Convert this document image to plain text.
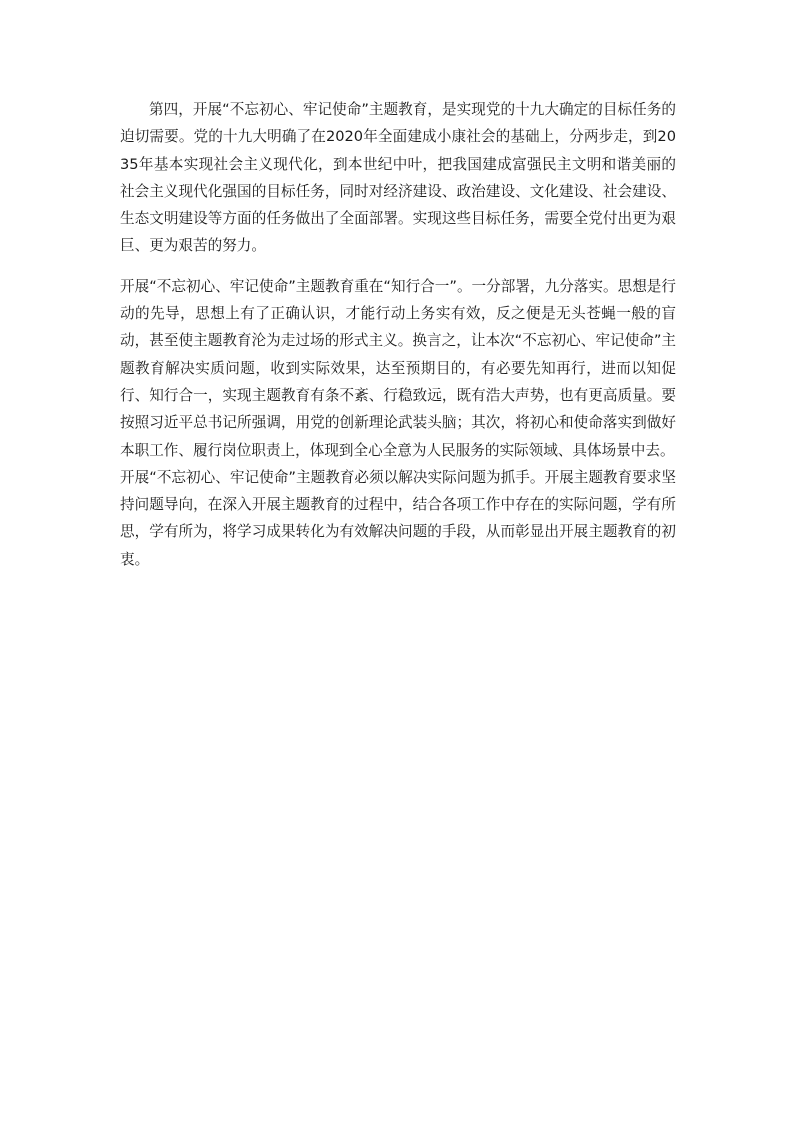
第四，开展“不忘初心、牢记使命”主题教育，是实现党的十九大确定的目标任务的迫切需要。党的十九大明确了在2020年全面建成小康社会的基础上，分两步走，到2035年基本实现社会主义现代化，到本世纪中叶，把我国建成富强民主文明和谐美丽的社会主义现代化强国的目标任务，同时对经济建设、政治建设、文化建设、社会建设、生态文明建设等方面的任务做出了全面部署。实现这些目标任务，需要全党付出更为艰巨、更为艰苦的努力。

开展“不忘初心、牢记使命”主题教育重在“知行合一”。一分部署，九分落实。思想是行动的先导，思想上有了正确认识，才能行动上务实有效，反之便是无头苍蝇一般的盲动，甚至使主题教育沦为走过场的形式主义。换言之，让本次“不忘初心、牢记使命”主题教育解决实质问题，收到实际效果，达至预期目的，有必要先知再行，进而以知促行、知行合一，实现主题教育有条不紊、行稳致远，既有浩大声势，也有更高质量。要按照习近平总书记所强调，用党的创新理论武装头脑；其次，将初心和使命落实到做好本职工作、履行岗位职责上，体现到全心全意为人民服务的实际领域、具体场景中去。

开展“不忘初心、牢记使命”主题教育必须以解决实际问题为抓手。开展主题教育要求坚持问题导向，在深入开展主题教育的过程中，结合各项工作中存在的实际问题，学有所思，学有所为，将学习成果转化为有效解决问题的手段，从而彰显出开展主题教育的初衷。
